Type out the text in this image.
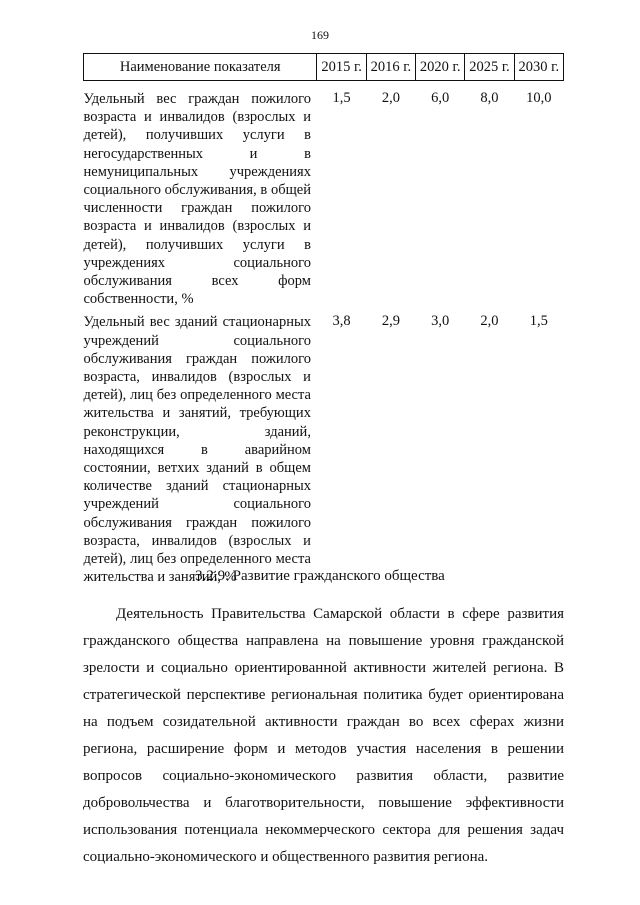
169
Наименование показателя	2015 г.	2016 г.	2020 г.	2025 г.	2030 г.
Удельный вес граждан пожилого возраста и инвалидов (взрослых и детей), получивших услуги в негосударственных и в немуниципальных учреждениях социального обслуживания, в общей численности граждан пожилого возраста и инвалидов (взрослых и детей), получивших услуги в учреждениях социального обслуживания всех форм собственности, %	1,5	2,0	6,0	8,0	10,0
Удельный вес зданий стационарных учреждений социального обслуживания граждан пожилого возраста, инвалидов (взрослых и детей), лиц без определенного места жительства и занятий, требующих реконструкции, зданий, находящихся в аварийном состоянии, ветхих зданий в общем количестве зданий стационарных учреждений социального обслуживания граждан пожилого возраста, инвалидов (взрослых и детей), лиц без определенного места жительства и занятий, %	3,8	2,9	3,0	2,0	1,5
3.2.9. Развитие гражданского общества

Деятельность Правительства Самарской области в сфере развития гражданского общества направлена на повышение уровня гражданской зрелости и социально ориентированной активности жителей региона. В стратегической перспективе региональная политика будет ориентирована на подъем созидательной активности граждан во всех сферах жизни региона, расширение форм и методов участия населения в решении вопросов социально-экономического развития области, развитие добровольчества и благотворительности, повышение эффективности использования потенциала некоммерческого сектора для решения задач социально-экономического и общественного развития региона.
